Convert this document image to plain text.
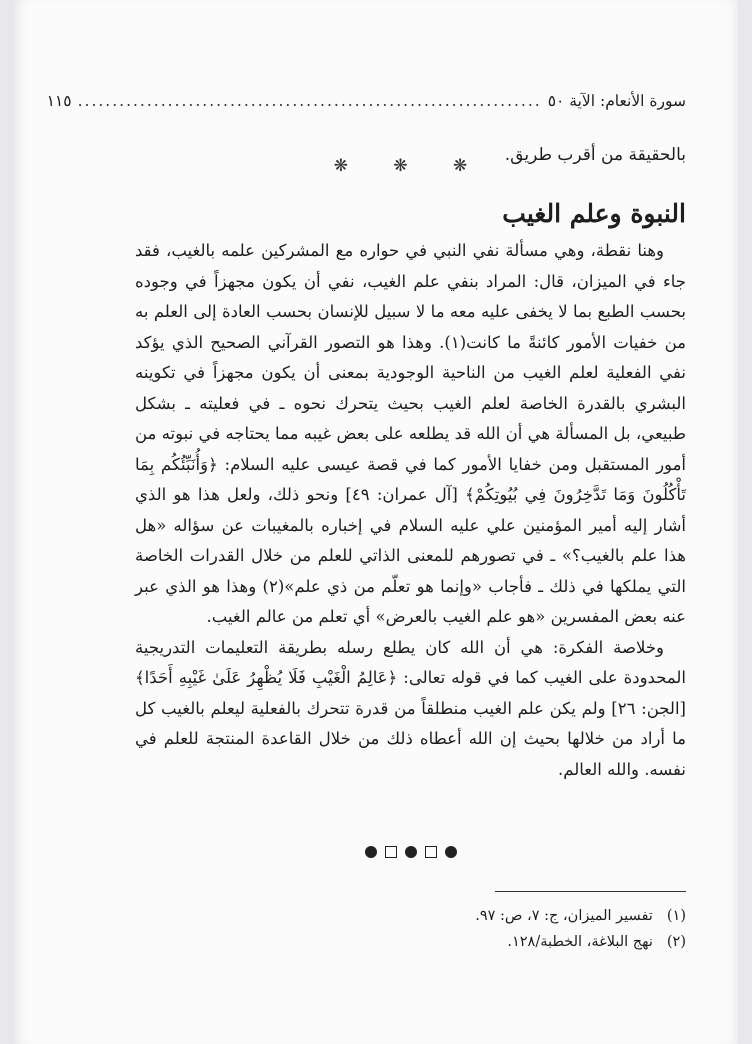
سورة الأنعام: الآية ٥٠
...................................................................
١١٥
بالحقيقة من أقرب طريق.
❋ ❋ ❋
النبوة وعلم الغيب

وهنا نقطة، وهي مسألة نفي النبي في حواره مع المشركين علمه بالغيب، فقد جاء في الميزان، قال: المراد بنفي علم الغيب، نفي أن يكون مجهزاً في وجوده بحسب الطبع بما لا يخفى عليه معه ما لا سبيل للإنسان بحسب العادة إلى العلم به من خفيات الأمور كائنةً ما كانت(١). وهذا هو التصور القرآني الصحيح الذي يؤكد نفي الفعلية لعلم الغيب من الناحية الوجودية بمعنى أن يكون مجهزاً في تكوينه البشري بالقدرة الخاصة لعلم الغيب بحيث يتحرك نحوه ـ في فعليته ـ بشكل طبيعي، بل المسألة هي أن الله قد يطلعه على بعض غيبه مما يحتاجه في نبوته من أمور المستقبل ومن خفايا الأمور كما في قصة عيسى عليه السلام: ﴿وَأُنَبِّئُكُم بِمَا تَأْكُلُونَ وَمَا تَدَّخِرُونَ فِي بُيُوتِكُمْ﴾ [آل عمران: ٤٩] ونحو ذلك، ولعل هذا هو الذي أشار إليه أمير المؤمنين علي عليه السلام في إخباره بالمغيبات عن سؤاله «هل هذا علم بالغيب؟» ـ في تصورهم للمعنى الذاتي للعلم من خلال القدرات الخاصة التي يملكها في ذلك ـ فأجاب «وإنما هو تعلّم من ذي علم»(٢) وهذا هو الذي عبر عنه بعض المفسرين «هو علم الغيب بالعرض» أي تعلم من عالم الغيب.

وخلاصة الفكرة: هي أن الله كان يطلع رسله بطريقة التعليمات التدريجية المحدودة على الغيب كما في قوله تعالى: ﴿عَالِمُ الْغَيْبِ فَلَا يُظْهِرُ عَلَىٰ غَيْبِهِ أَحَدًا﴾ [الجن: ٢٦] ولم يكن علم الغيب منطلقاً من قدرة تتحرك بالفعلية ليعلم بالغيب كل ما أراد من خلالها بحيث إن الله أعطاه ذلك من خلال القاعدة المنتجة للعلم في نفسه. والله العالم.

(١)
تفسير الميزان، ج: ٧، ص: ٩٧.
(٢)
نهج البلاغة، الخطبة/١٢٨.
